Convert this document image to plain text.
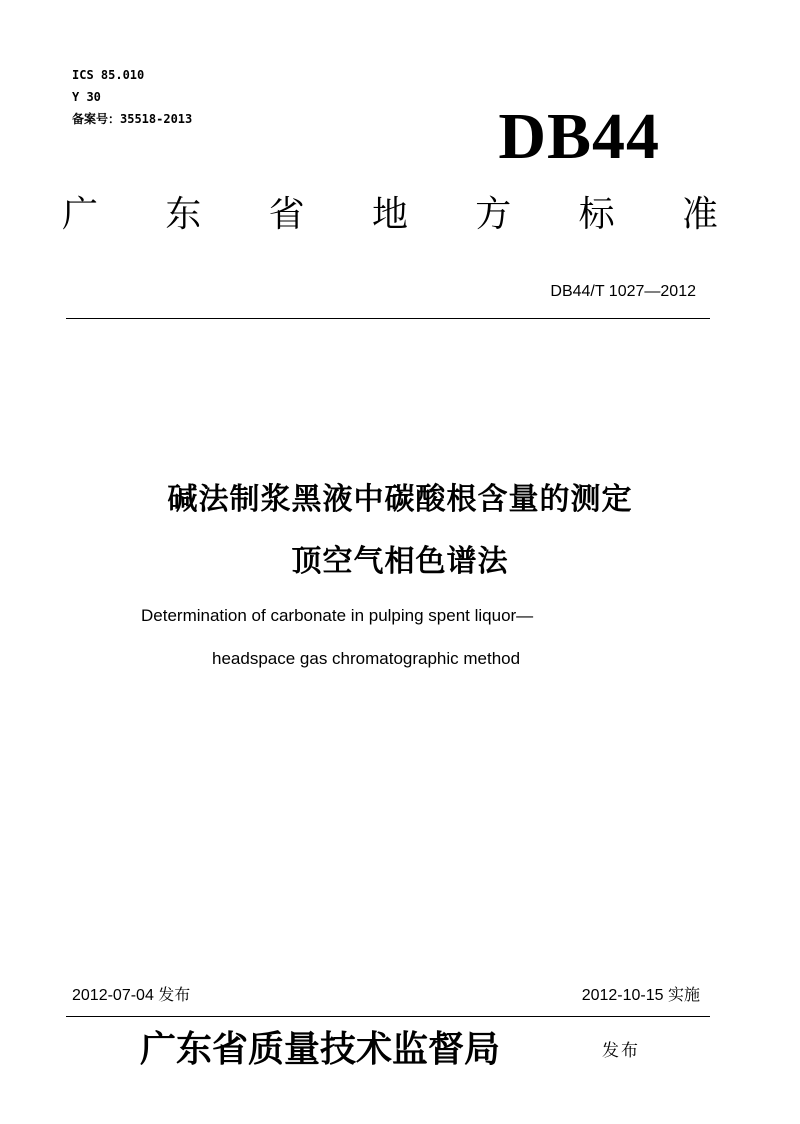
ICS 85.010
Y 30
备案号：35518-2013	DB44
广 东 省 地 方 标 准
DB44/T 1027—2012
碱法制浆黑液中碳酸根含量的测定
顶空气相色谱法
Determination of carbonate in pulping spent liquor—
headspace gas chromatographic method
2012-07-04 发布	2012-10-15 实施
广东省质量技术监督局	发布
